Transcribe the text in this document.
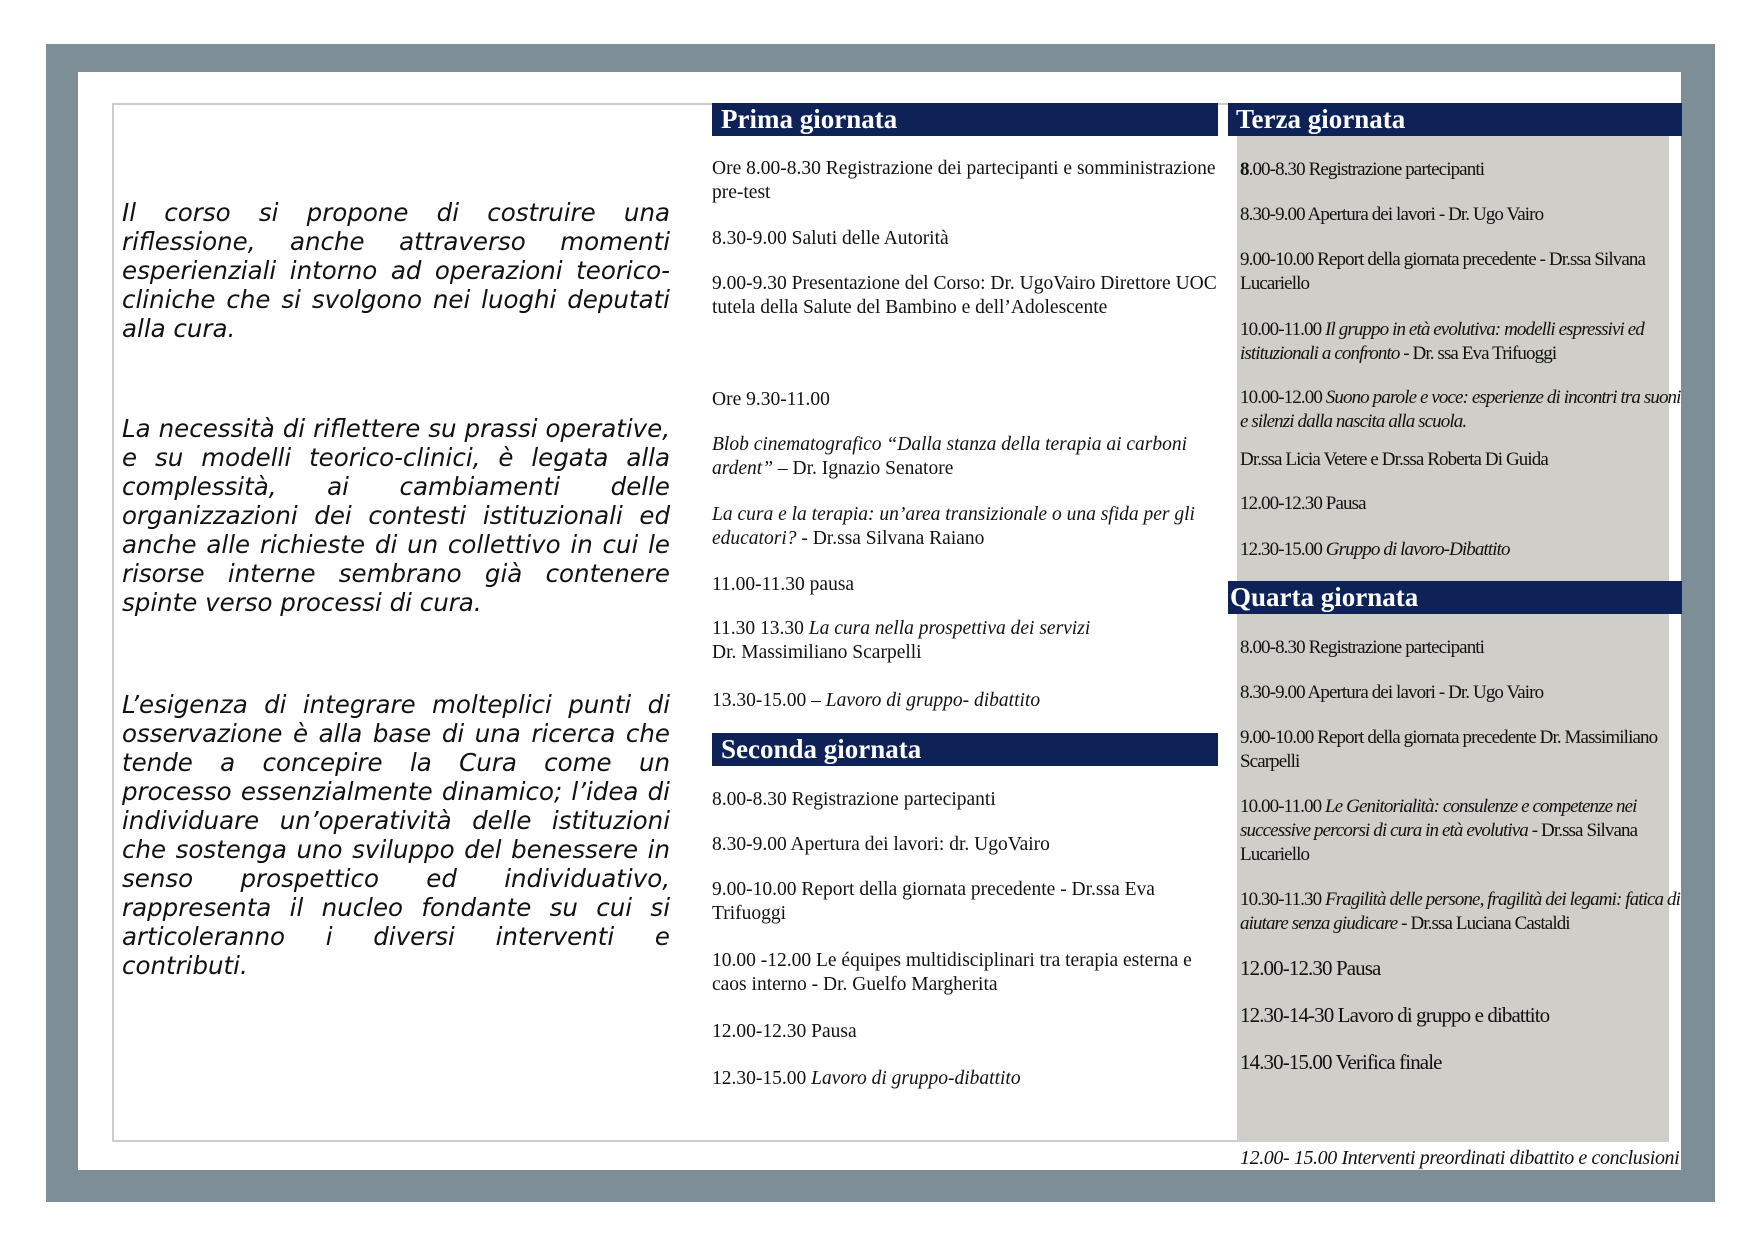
Il corso si propone di costruire una riflessione, anche attraverso momenti esperienziali intorno ad operazioni teorico-cliniche che si svolgono nei luoghi deputati alla cura.
La necessità di riflettere su prassi operative, e su modelli teorico-clinici, è legata alla complessità, ai cambiamenti delle organizzazioni dei contesti istituzionali ed anche alle richieste di un collettivo in cui le risorse interne sembrano già contenere spinte verso processi di cura.
L’esigenza di integrare molteplici punti di osservazione è alla base di una ricerca che tende a concepire la Cura come un processo essenzialmente dinamico; l’idea di individuare un’operatività delle istituzioni che sostenga uno sviluppo del benessere in senso prospettico ed individuativo, rappresenta il nucleo fondante su cui si articoleranno i diversi interventi e contributi.
Prima giornata
Ore 8.00-8.30 Registrazione dei partecipanti e somministrazione pre-test
8.30-9.00 Saluti delle Autorità
9.00-9.30 Presentazione del Corso: Dr. UgoVairo Direttore UOC tutela della Salute del Bambino e dell’Adolescente
Ore 9.30-11.00
Blob cinematografico “Dalla stanza della terapia ai carboni ardent” – Dr. Ignazio Senatore
La cura e la terapia: un’area transizionale o una sfida per gli educatori? - Dr.ssa Silvana Raiano
11.00-11.30 pausa
11.30 13.30 La cura nella prospettiva dei servizi
Dr. Massimiliano Scarpelli
13.30-15.00 – Lavoro di gruppo- dibattito
Seconda giornata
8.00-8.30 Registrazione partecipanti
8.30-9.00 Apertura dei lavori: dr. UgoVairo
9.00-10.00 Report della giornata precedente - Dr.ssa Eva Trifuoggi
10.00 -12.00 Le équipes multidisciplinari tra terapia esterna e caos interno - Dr. Guelfo Margherita
12.00-12.30 Pausa
12.30-15.00 Lavoro di gruppo-dibattito
Terza giornata
8.00-8.30 Registrazione partecipanti
8.30-9.00 Apertura dei lavori - Dr. Ugo Vairo
9.00-10.00 Report della giornata precedente - Dr.ssa Silvana Lucariello
10.00-11.00 Il gruppo in età evolutiva: modelli espressivi ed istituzionali a confronto - Dr. ssa Eva Trifuoggi
10.00-12.00 Suono parole e voce: esperienze di incontri tra suoni e silenzi dalla nascita alla scuola.
Dr.ssa Licia Vetere e Dr.ssa Roberta Di Guida
12.00-12.30 Pausa
12.30-15.00 Gruppo di lavoro-Dibattito
Quarta giornata
8.00-8.30 Registrazione partecipanti
8.30-9.00 Apertura dei lavori - Dr. Ugo Vairo
9.00-10.00 Report della giornata precedente Dr. Massimiliano Scarpelli
10.00-11.00 Le Genitorialità: consulenze e competenze nei successive percorsi di cura in età evolutiva - Dr.ssa Silvana Lucariello
10.30-11.30 Fragilità delle persone, fragilità dei legami: fatica di aiutare senza giudicare - Dr.ssa Luciana Castaldi
12.00-12.30 Pausa
12.30-14-30 Lavoro di gruppo e dibattito
14.30-15.00 Verifica finale
12.00- 15.00 Interventi preordinati dibattito e conclusioni
